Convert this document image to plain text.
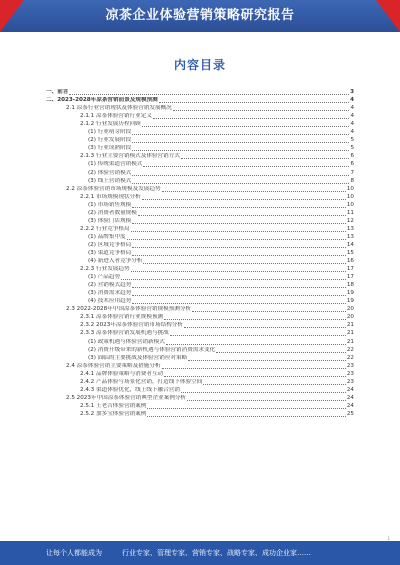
凉茶企业体验营销策略研究报告
内容目录
一、前言	3
二、2023-2028年凉茶营销前景及规模预测	4
2.1 凉茶行业营销现状及体验营销发展概况	4
2.1.1 凉茶体验营销行业定义	4
2.1.2 行业发展历程回顾	4
(1) 行业萌芽阶段	4
(2) 行业发展阶段	5
(3) 行业成熟阶段	5
2.1.3 行业主要营销模式及体验营销方式	6
(1) 传统渠道营销模式	6
(2) 体验营销模式	7
(3) 线上营销模式	8
2.2 凉茶体验营销市场规模及发展趋势	10
2.2.1 市场规模现状分析	10
(1) 市场销售规模	10
(2) 消费者数量规模	11
(3) 体验门店规模	12
2.2.2 行业竞争格局	13
(1) 品牌集中度	13
(2) 区域竞争格局	14
(3) 渠道竞争格局	15
(4) 新进入者竞争分析	16
2.2.3 行业发展趋势	17
(1) 产品趋势	17
(2) 营销模式趋势	18
(3) 消费需求趋势	19
(4) 技术应用趋势	19
2.3 2022-2028年中国凉茶体验营销规模预测分析	20
2.3.1 凉茶体验营销行业规模预测	20
2.3.2 2023年凉茶体验营销市场结构分析	21
2.3.3 凉茶体验营销发展机遇与挑战	21
(1) 政策机遇与体验营销新模式	21
(2) 消费升级带来的新机遇与体验营销消费需求变化	22
(3) 面临的主要挑战及体验营销应对策略	22
2.4 凉茶体验营销主要策略及措施分析	23
2.4.1 品牌体验策略与消费者互动	23
2.4.2 产品体验与场景化营销，打造线下体验空间	23
2.4.3 渠道体验优化，线上线下融合营销	24
2.5 2023年中国凉茶体验营销典型企业案例分析	24
2.5.1 王老吉体验营销案例	24
2.5.2 加多宝体验营销案例	25
1
让每个人都能成为	行业专家、管理专家、营销专家、战略专家、成功企业家……
